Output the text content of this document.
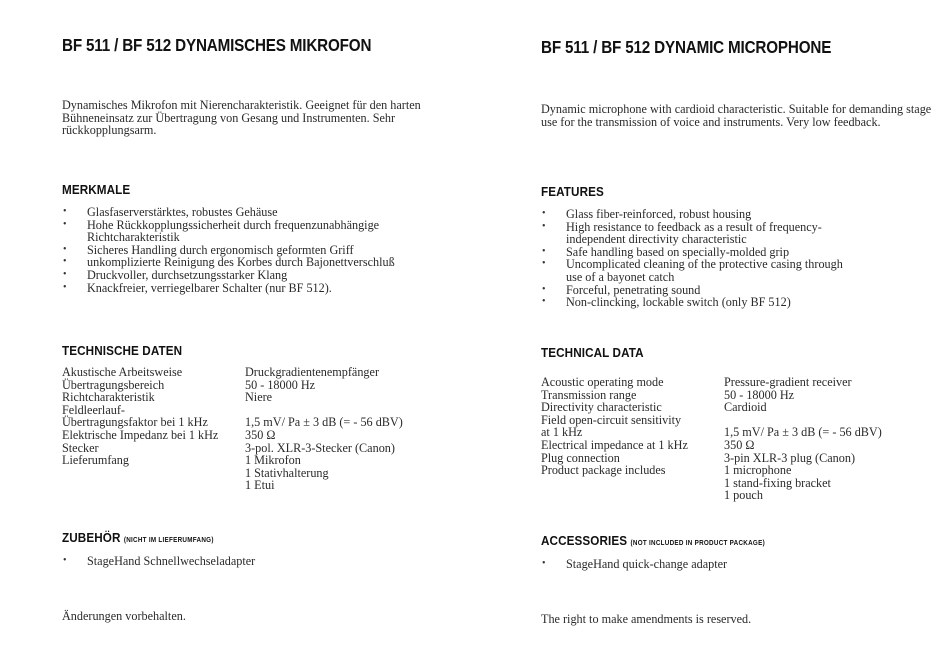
BF 511 / BF 512 DYNAMISCHES MIKROFON
Dynamisches Mikrofon mit Nierencharakteristik. Geeignet für den harten Bühneneinsatz zur Übertragung von Gesang und Instrumenten. Sehr rückkopplungsarm.
MERKMALE
• Glasfaserverstärktes, robustes Gehäuse
• Hohe Rückkopplungssicherheit durch frequenzunabhängige Richtcharakteristik
• Sicheres Handling durch ergonomisch geformten Griff
• unkomplizierte Reinigung des Korbes durch Bajonettverschluß
• Druckvoller, durchsetzungsstarker Klang
• Knackfreier, verriegelbarer Schalter (nur BF 512).
TECHNISCHE DATEN
Akustische Arbeitsweise	Druckgradientenempfänger
Übertragungsbereich	50 - 18000 Hz
Richtcharakteristik	Niere
Feldleerlauf-
Übertragungsfaktor bei 1 kHz	1,5 mV/ Pa ± 3 dB (= - 56 dBV)
Elektrische Impedanz bei 1 kHz	350 Ω
Stecker	3-pol. XLR-3-Stecker (Canon)
Lieferumfang	1 Mikrofon
1 Stativhalterung
1 Etui
ZUBEHÖR (NICHT IM LIEFERUMFANG)
• StageHand Schnellwechseladapter
Änderungen vorbehalten.
BF 511 / BF 512 DYNAMIC MICROPHONE
Dynamic microphone with cardioid characteristic. Suitable for demanding stage use for the transmission of voice and instruments. Very low feedback.
FEATURES
• Glass fiber-reinforced, robust housing
• High resistance to feedback as a result of frequency-independent directivity characteristic
• Safe handling based on specially-molded grip
• Uncomplicated cleaning of the protective casing through use of a bayonet catch
• Forceful, penetrating sound
• Non-clincking, lockable switch (only BF 512)
TECHNICAL DATA
Acoustic operating mode	Pressure-gradient receiver
Transmission range	50 - 18000 Hz
Directivity characteristic	Cardioid
Field open-circuit sensitivity
at 1 kHz	1,5 mV/ Pa ± 3 dB (= - 56 dBV)
Electrical impedance at 1 kHz	350 Ω
Plug connection	3-pin XLR-3 plug (Canon)
Product package includes	1 microphone
1 stand-fixing bracket
1 pouch
ACCESSORIES (NOT INCLUDED IN PRODUCT PACKAGE)
• StageHand quick-change adapter
The right to make amendments is reserved.
